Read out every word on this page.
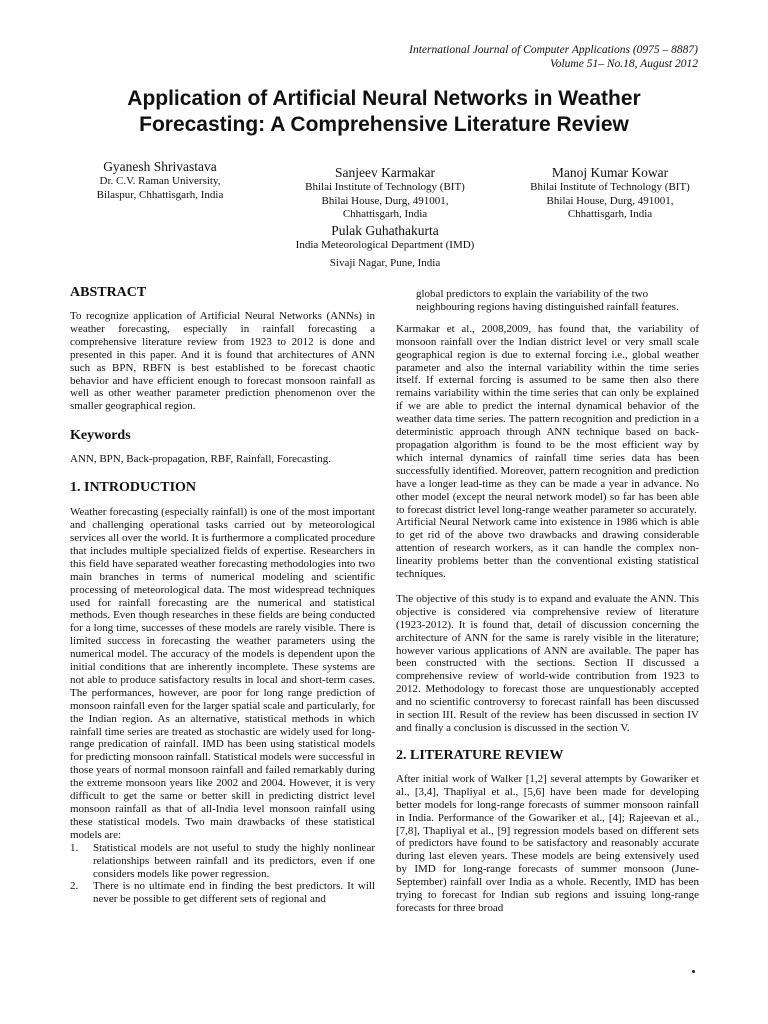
International Journal of Computer Applications (0975 – 8887)
Volume 51– No.18, August 2012
Application of Artificial Neural Networks in Weather
Forecasting: A Comprehensive Literature Review
Gyanesh Shrivastava
Dr. C.V. Raman University,
Bilaspur, Chhattisgarh, India
Sanjeev Karmakar
Bhilai Institute of Technology (BIT)
Bhilai House, Durg, 491001,
Chhattisgarh, India
Manoj Kumar Kowar
Bhilai Institute of Technology (BIT)
Bhilai House, Durg, 491001,
Chhattisgarh, India
Pulak Guhathakurta
India Meteorological Department (IMD)
Sivaji Nagar, Pune, India
ABSTRACT

To recognize application of Artificial Neural Networks (ANNs) in weather forecasting, especially in rainfall forecasting a comprehensive literature review from 1923 to 2012 is done and presented in this paper. And it is found that architectures of ANN such as BPN, RBFN is best established to be forecast chaotic behavior and have efficient enough to forecast monsoon rainfall as well as other weather parameter prediction phenomenon over the smaller geographical region.

Keywords

ANN, BPN, Back-propagation, RBF, Rainfall, Forecasting.

1. INTRODUCTION

Weather forecasting (especially rainfall) is one of the most important and challenging operational tasks carried out by meteorological services all over the world. It is furthermore a complicated procedure that includes multiple specialized fields of expertise. Researchers in this field have separated weather forecasting methodologies into two main branches in terms of numerical modeling and scientific processing of meteorological data. The most widespread techniques used for rainfall forecasting are the numerical and statistical methods. Even though researches in these fields are being conducted for a long time, successes of these models are rarely visible. There is limited success in forecasting the weather parameters using the numerical model. The accuracy of the models is dependent upon the initial conditions that are inherently incomplete. These systems are not able to produce satisfactory results in local and short-term cases. The performances, however, are poor for long range prediction of monsoon rainfall even for the larger spatial scale and particularly, for the Indian region. As an alternative, statistical methods in which rainfall time series are treated as stochastic are widely used for long-range predication of rainfall. IMD has been using statistical models for predicting monsoon rainfall. Statistical models were successful in those years of normal monsoon rainfall and failed remarkably during the extreme monsoon years like 2002 and 2004. However, it is very difficult to get the same or better skill in predicting district level monsoon rainfall as that of all-India level monsoon rainfall using these statistical models. Two main drawbacks of these statistical models are:

1. Statistical models are not useful to study the highly nonlinear relationships between rainfall and its predictors, even if one considers models like power regression.
2. There is no ultimate end in finding the best predictors. It will never be possible to get different sets of regional and

global predictors to explain the variability of the two neighbouring regions having distinguished rainfall features.

Karmakar et al., 2008,2009, has found that, the variability of monsoon rainfall over the Indian district level or very small scale geographical region is due to external forcing i.e., global weather parameter and also the internal variability within the time series itself. If external forcing is assumed to be same then also there remains variability within the time series that can only be explained if we are able to predict the internal dynamical behavior of the weather data time series. The pattern recognition and prediction in a deterministic approach through ANN technique based on back-propagation algorithm is found to be the most efficient way by which internal dynamics of rainfall time series data has been successfully identified. Moreover, pattern recognition and prediction have a longer lead-time as they can be made a year in advance. No other model (except the neural network model) so far has been able to forecast district level long-range weather parameter so accurately.

Artificial Neural Network came into existence in 1986 which is able to get rid of the above two drawbacks and drawing considerable attention of research workers, as it can handle the complex non-linearity problems better than the conventional existing statistical techniques.

The objective of this study is to expand and evaluate the ANN. This objective is considered via comprehensive review of literature (1923-2012). It is found that, detail of discussion concerning the architecture of ANN for the same is rarely visible in the literature; however various applications of ANN are available. The paper has been constructed with the sections. Section II discussed a comprehensive review of world-wide contribution from 1923 to 2012. Methodology to forecast those are unquestionably accepted and no scientific controversy to forecast rainfall has been discussed in section III. Result of the review has been discussed in section IV and finally a conclusion is discussed in the section V.

2. LITERATURE REVIEW

After initial work of Walker [1,2] several attempts by Gowariker et al., [3,4], Thapliyal et al., [5,6] have been made for developing better models for long-range forecasts of summer monsoon rainfall in India. Performance of the Gowariker et al., [4]; Rajeevan et al., [7,8], Thapliyal et al., [9] regression models based on different sets of predictors have found to be satisfactory and reasonably accurate during last eleven years. These models are being extensively used by IMD for long-range forecasts of summer monsoon (June-September) rainfall over India as a whole. Recently, IMD has been trying to forecast for Indian sub regions and issuing long-range forecasts for three broad
